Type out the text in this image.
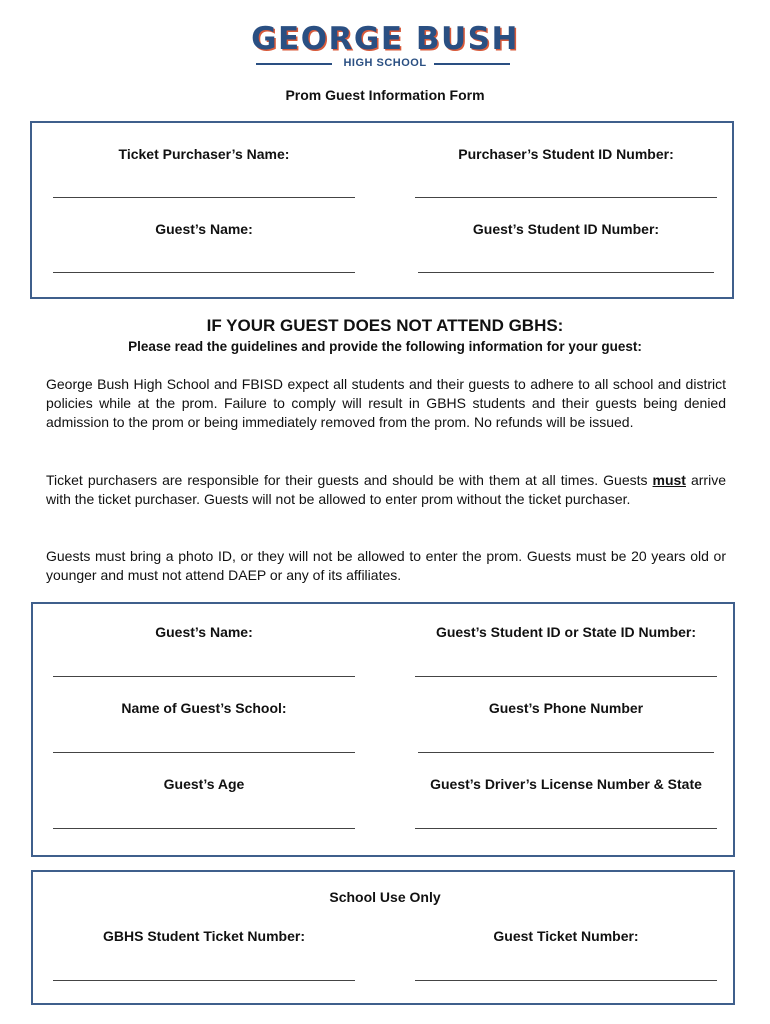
GEORGE BUSH
HIGH SCHOOL
Prom Guest Information Form
Ticket Purchaser’s Name:	Purchaser’s Student ID Number:
Guest’s Name:	Guest’s Student ID Number:
IF YOUR GUEST DOES NOT ATTEND GBHS:
Please read the guidelines and provide the following information for your guest:
George Bush High School and FBISD expect all students and their guests to adhere to all school and district policies while at the prom. Failure to comply will result in GBHS students and their guests being denied admission to the prom or being immediately removed from the prom. No refunds will be issued.
Ticket purchasers are responsible for their guests and should be with them at all times. Guests must arrive with the ticket purchaser. Guests will not be allowed to enter prom without the ticket purchaser.
Guests must bring a photo ID, or they will not be allowed to enter the prom. Guests must be 20 years old or younger and must not attend DAEP or any of its affiliates.
Guest’s Name:	Guest’s Student ID or State ID Number:
Name of Guest’s School:	Guest’s Phone Number
Guest’s Age	Guest’s Driver’s License Number & State
School Use Only
GBHS Student Ticket Number:	Guest Ticket Number:
